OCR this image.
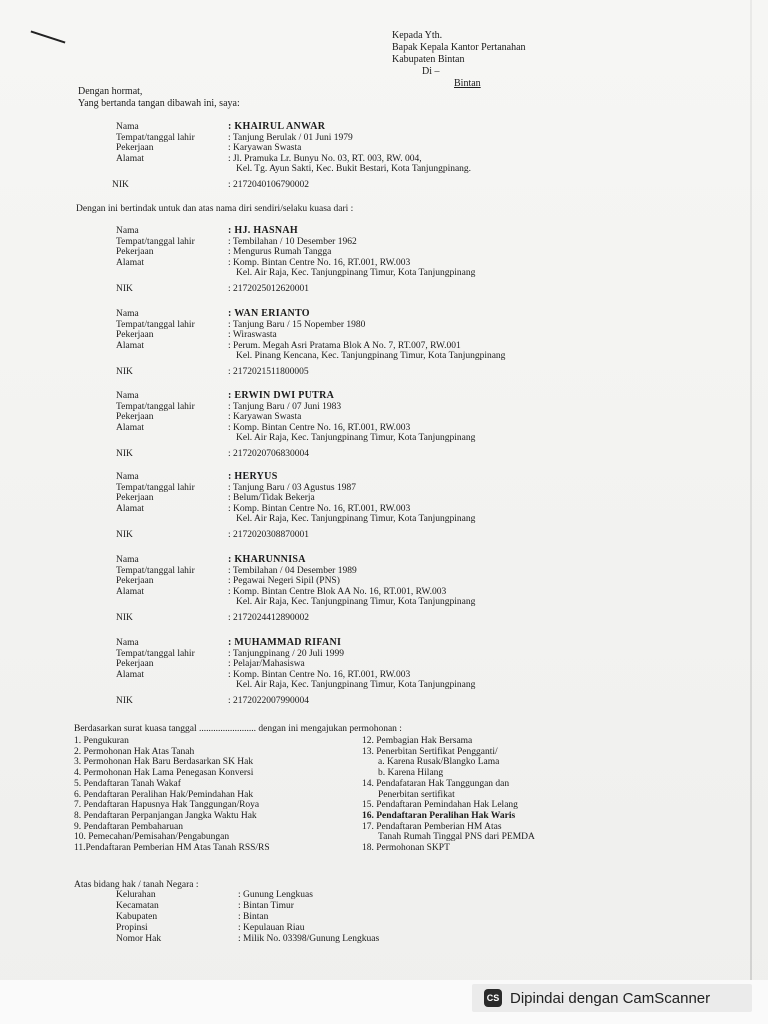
Kepada Yth.
Bapak Kepala Kantor Pertanahan
Kabupaten Bintan
Di –
Bintan
Dengan hormat,
Yang bertanda tangan dibawah ini, saya:
Nama	: KHAIRUL ANWAR
Tempat/tanggal lahir	: Tanjung Berulak / 01 Juni 1979
Pekerjaan	: Karyawan Swasta
Alamat	: Jl. Pramuka Lr. Bunyu No. 03, RT. 003, RW. 004,
Kel. Tg. Ayun Sakti, Kec. Bukit Bestari, Kota Tanjungpinang.
NIK	: 2172040106790002
Dengan ini bertindak untuk dan atas nama diri sendiri/selaku kuasa dari :
Nama	: HJ. HASNAH
Tempat/tanggal lahir	: Tembilahan / 10 Desember 1962
Pekerjaan	: Mengurus Rumah Tangga
Alamat	: Komp. Bintan Centre No. 16, RT.001, RW.003
Kel. Air Raja, Kec. Tanjungpinang Timur, Kota Tanjungpinang
NIK	: 2172025012620001
Nama	: WAN ERIANTO
Tempat/tanggal lahir	: Tanjung Baru / 15 Nopember 1980
Pekerjaan	: Wiraswasta
Alamat	: Perum. Megah Asri Pratama Blok A No. 7, RT.007, RW.001
Kel. Pinang Kencana, Kec. Tanjungpinang Timur, Kota Tanjungpinang
NIK	: 2172021511800005
Nama	: ERWIN DWI PUTRA
Tempat/tanggal lahir	: Tanjung Baru / 07 Juni 1983
Pekerjaan	: Karyawan Swasta
Alamat	: Komp. Bintan Centre No. 16, RT.001, RW.003
Kel. Air Raja, Kec. Tanjungpinang Timur, Kota Tanjungpinang
NIK	: 2172020706830004
Nama	: HERYUS
Tempat/tanggal lahir	: Tanjung Baru / 03 Agustus 1987
Pekerjaan	: Belum/Tidak Bekerja
Alamat	: Komp. Bintan Centre No. 16, RT.001, RW.003
Kel. Air Raja, Kec. Tanjungpinang Timur, Kota Tanjungpinang
NIK	: 2172020308870001
Nama	: KHARUNNISA
Tempat/tanggal lahir	: Tembilahan / 04 Desember 1989
Pekerjaan	: Pegawai Negeri Sipil (PNS)
Alamat	: Komp. Bintan Centre Blok AA No. 16, RT.001, RW.003
Kel. Air Raja, Kec. Tanjungpinang Timur, Kota Tanjungpinang
NIK	: 2172024412890002
Nama	: MUHAMMAD RIFANI
Tempat/tanggal lahir	: Tanjungpinang / 20 Juli 1999
Pekerjaan	: Pelajar/Mahasiswa
Alamat	: Komp. Bintan Centre No. 16, RT.001, RW.003
Kel. Air Raja, Kec. Tanjungpinang Timur, Kota Tanjungpinang
NIK	: 2172022007990004
Berdasarkan surat kuasa tanggal ........................ dengan ini mengajukan permohonan :
1. Pengukuran
2. Permohonan Hak Atas Tanah
3. Permohonan Hak Baru Berdasarkan SK Hak
4. Permohonan Hak Lama Penegasan Konversi
5. Pendaftaran Tanah Wakaf
6. Pendaftaran Peralihan Hak/Pemindahan Hak
7. Pendaftaran Hapusnya Hak Tanggungan/Roya
8. Pendaftaran Perpanjangan Jangka Waktu Hak
9. Pendaftaran Pembaharuan
10. Pemecahan/Pemisahan/Pengabungan
11.Pendaftaran Pemberian HM Atas Tanah RSS/RS
12. Pembagian Hak Bersama
13. Penerbitan Sertifikat Pengganti/
a. Karena Rusak/Blangko Lama
b. Karena Hilang
14. Pendafataran Hak Tanggungan dan
Penerbitan sertifikat
15. Pendaftaran Pemindahan Hak Lelang
16. Pendaftaran Peralihan Hak Waris
17. Pendaftaran Pemberian HM Atas
Tanah Rumah Tinggal PNS dari PEMDA
18. Permohonan SKPT
Atas bidang hak / tanah Negara :
Kelurahan	: Gunung Lengkuas
Kecamatan	: Bintan Timur
Kabupaten	: Bintan
Propinsi	: Kepulauan Riau
Nomor Hak	: Milik No. 03398/Gunung Lengkuas
CS Dipindai dengan CamScanner
